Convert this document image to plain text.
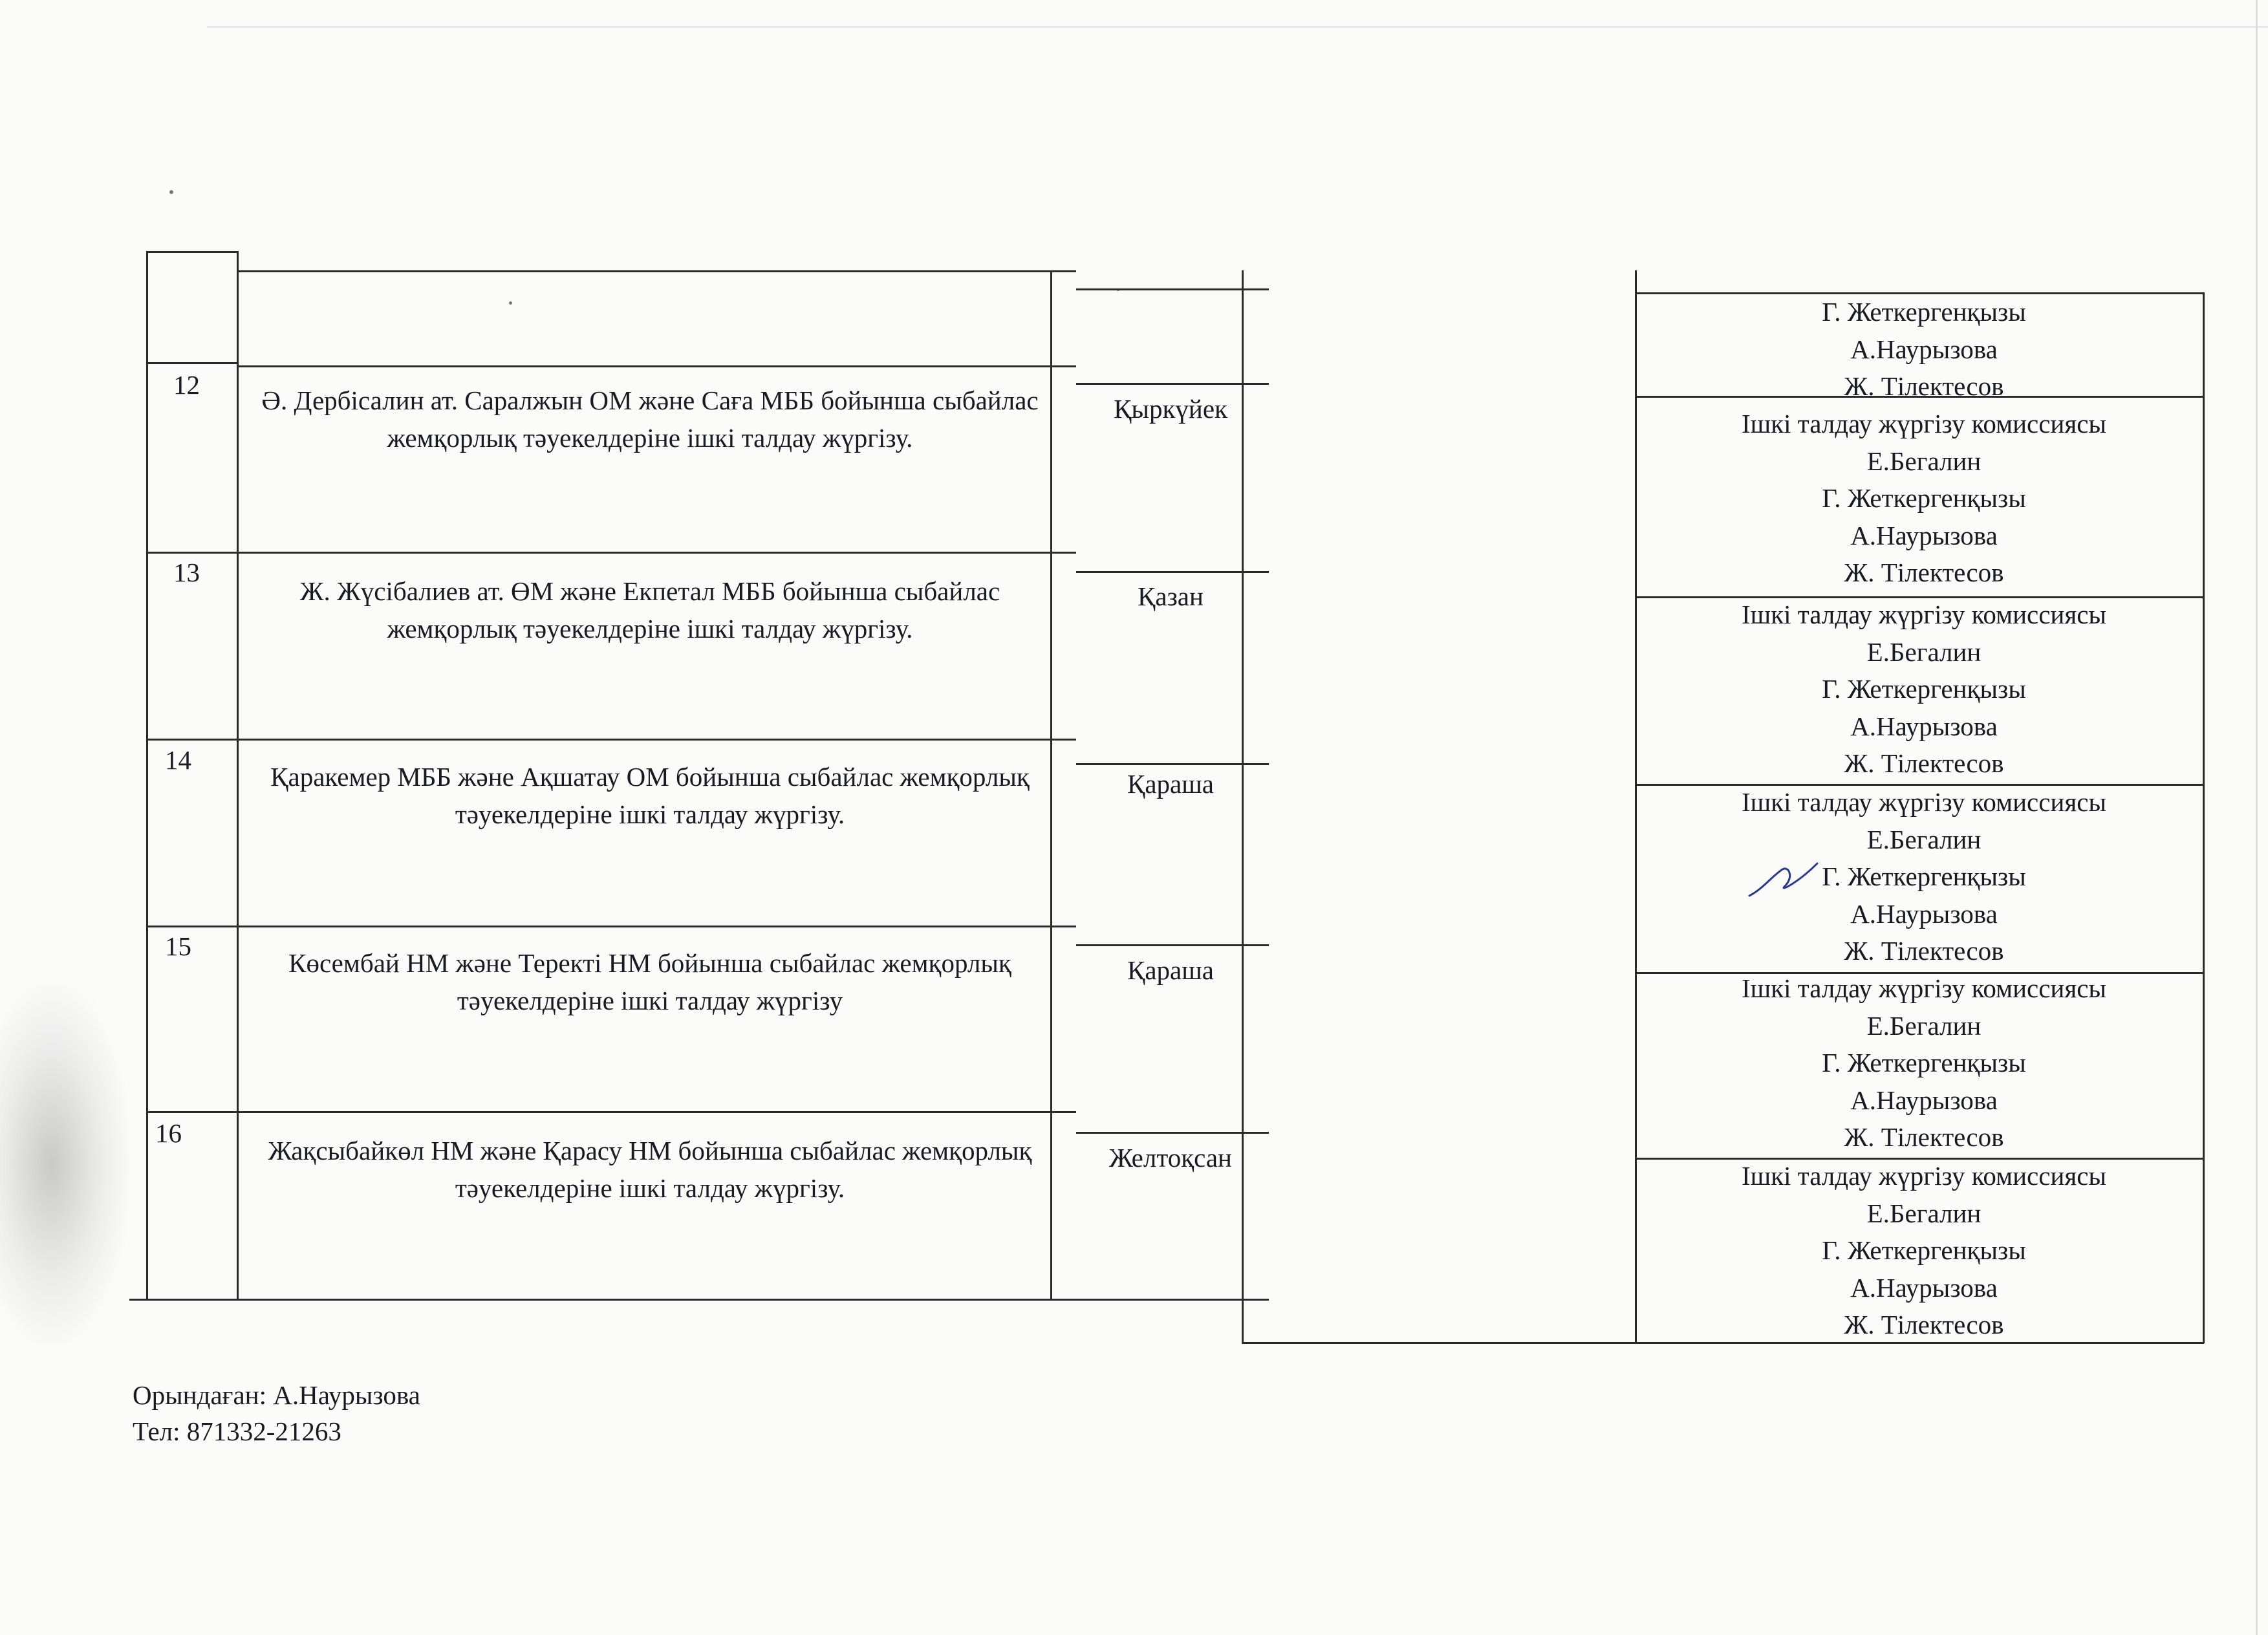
12
13
14
15
16
Ә. Дербісалин ат. Саралжын ОМ және Сағa МББ бойынша сыбайлас жемқорлық тәуекелдеріне ішкі талдау жүргізу.
Ж. Жүсібалиев ат. ӨМ және Екпетал МББ бойынша сыбайлас жемқорлық тәуекелдеріне ішкі талдау жүргізу.
Қаракемер МББ және Ақшатау ОМ бойынша сыбайлас жемқорлық тәуекелдеріне ішкі талдау жүргізу.
Көсембай НМ және Теректі НМ бойынша сыбайлас жемқорлық тәуекелдеріне ішкі талдау жүргізу
Жақсыбайкөл НМ және Қарасу НМ бойынша сыбайлас жемқорлық тәуекелдеріне ішкі талдау жүргізу.
Қыркүйек
Қазан
Қараша
Қараша
Желтоқсан
Г. Жеткергенқызы
А.Наурызова
Ж. Тілектесов
Ішкі талдау жүргізу комиссиясы
Е.Бегалин
Г. Жеткергенқызы
А.Наурызова
Ж. Тілектесов
Ішкі талдау жүргізу комиссиясы
Е.Бегалин
Г. Жеткергенқызы
А.Наурызова
Ж. Тілектесов
Ішкі талдау жүргізу комиссиясы
Е.Бегалин
Г. Жеткергенқызы
А.Наурызова
Ж. Тілектесов
Ішкі талдау жүргізу комиссиясы
Е.Бегалин
Г. Жеткергенқызы
А.Наурызова
Ж. Тілектесов
Ішкі талдау жүргізу комиссиясы
Е.Бегалин
Г. Жеткергенқызы
А.Наурызова
Ж. Тілектесов
Орындаған: А.Наурызова
Тел: 871332-21263
